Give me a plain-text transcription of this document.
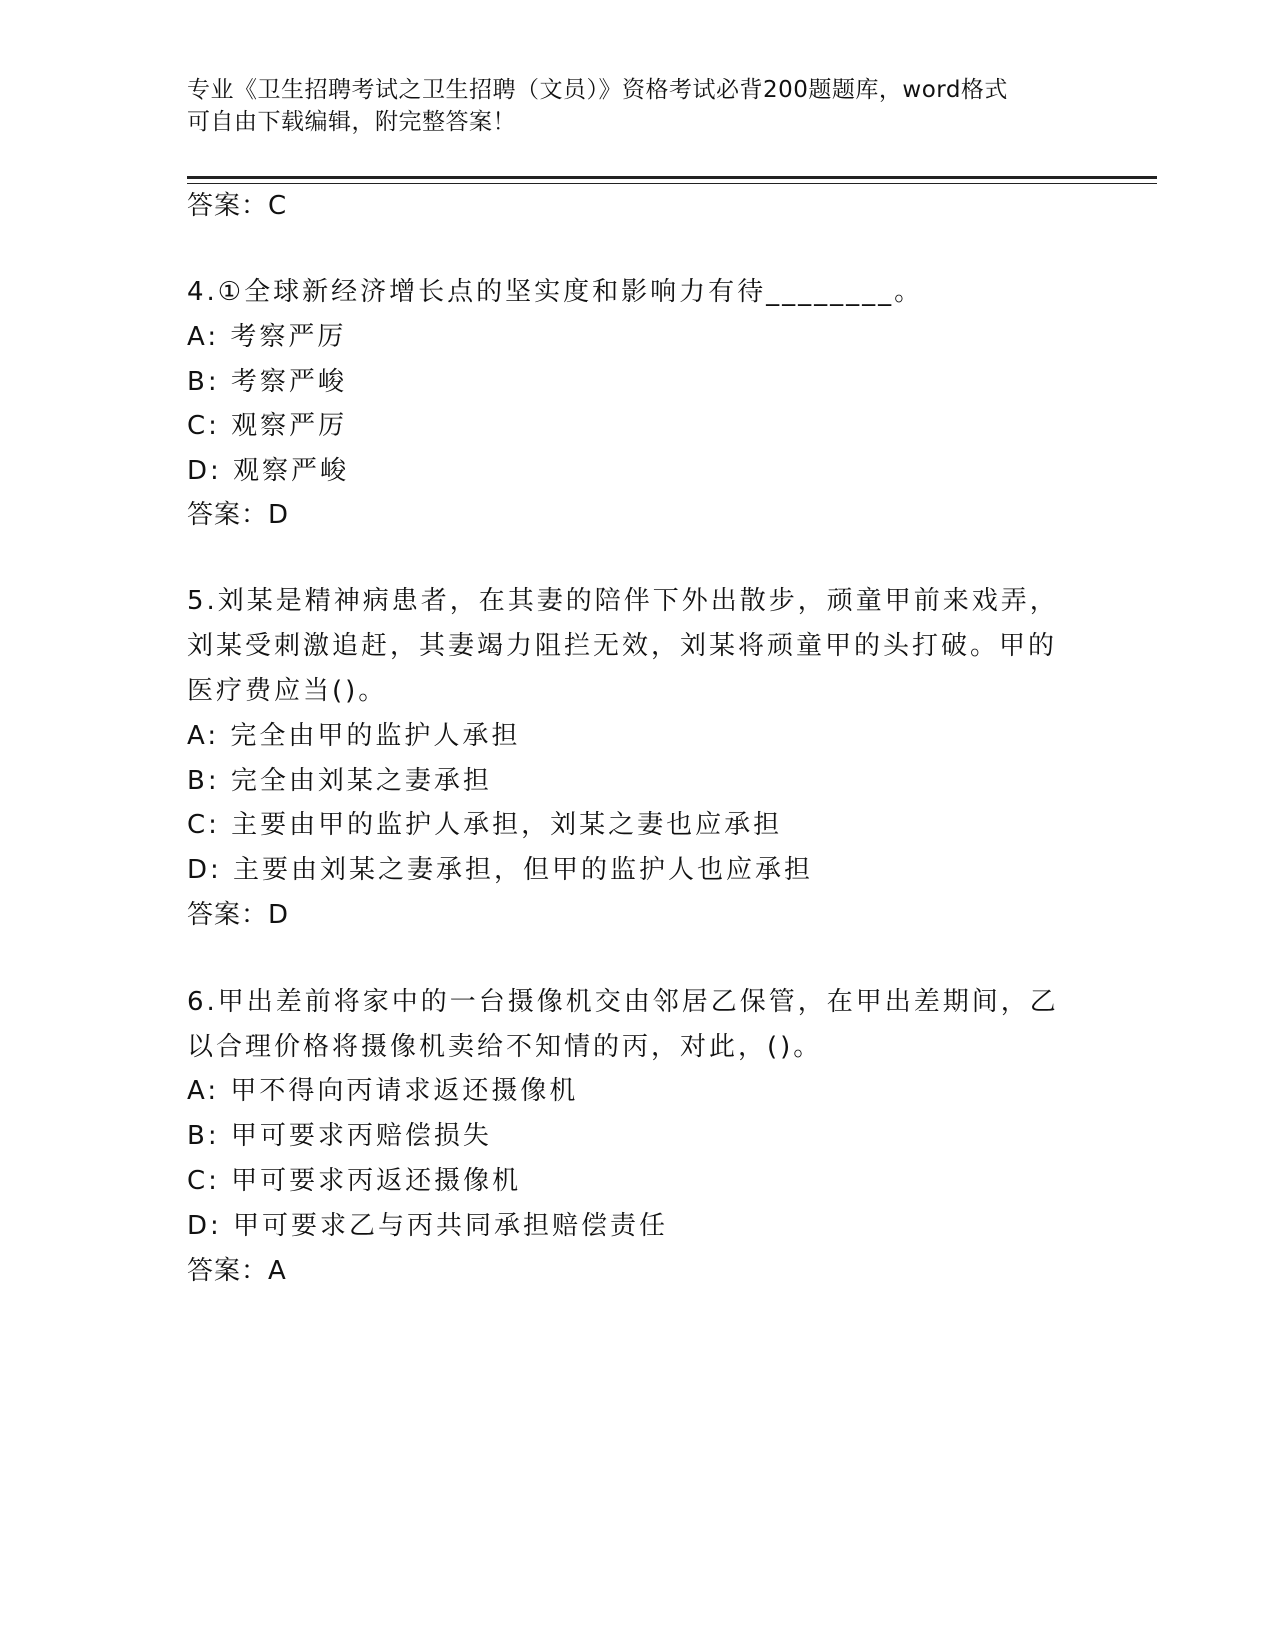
专业《卫生招聘考试之卫生招聘（文员）》资格考试必背200题题库，word格式
可自由下载编辑，附完整答案！
答案：C
4.①全球新经济增长点的坚实度和影响力有待________。
A: 考察严厉
B: 考察严峻
C: 观察严厉
D: 观察严峻
答案：D
5.刘某是精神病患者，在其妻的陪伴下外出散步，顽童甲前来戏弄，
刘某受刺激追赶，其妻竭力阻拦无效，刘某将顽童甲的头打破。甲的
医疗费应当()。
A: 完全由甲的监护人承担
B: 完全由刘某之妻承担
C: 主要由甲的监护人承担，刘某之妻也应承担
D: 主要由刘某之妻承担，但甲的监护人也应承担
答案：D
6.甲出差前将家中的一台摄像机交由邻居乙保管，在甲出差期间，乙
以合理价格将摄像机卖给不知情的丙，对此，()。
A: 甲不得向丙请求返还摄像机
B: 甲可要求丙赔偿损失
C: 甲可要求丙返还摄像机
D: 甲可要求乙与丙共同承担赔偿责任
答案：A
